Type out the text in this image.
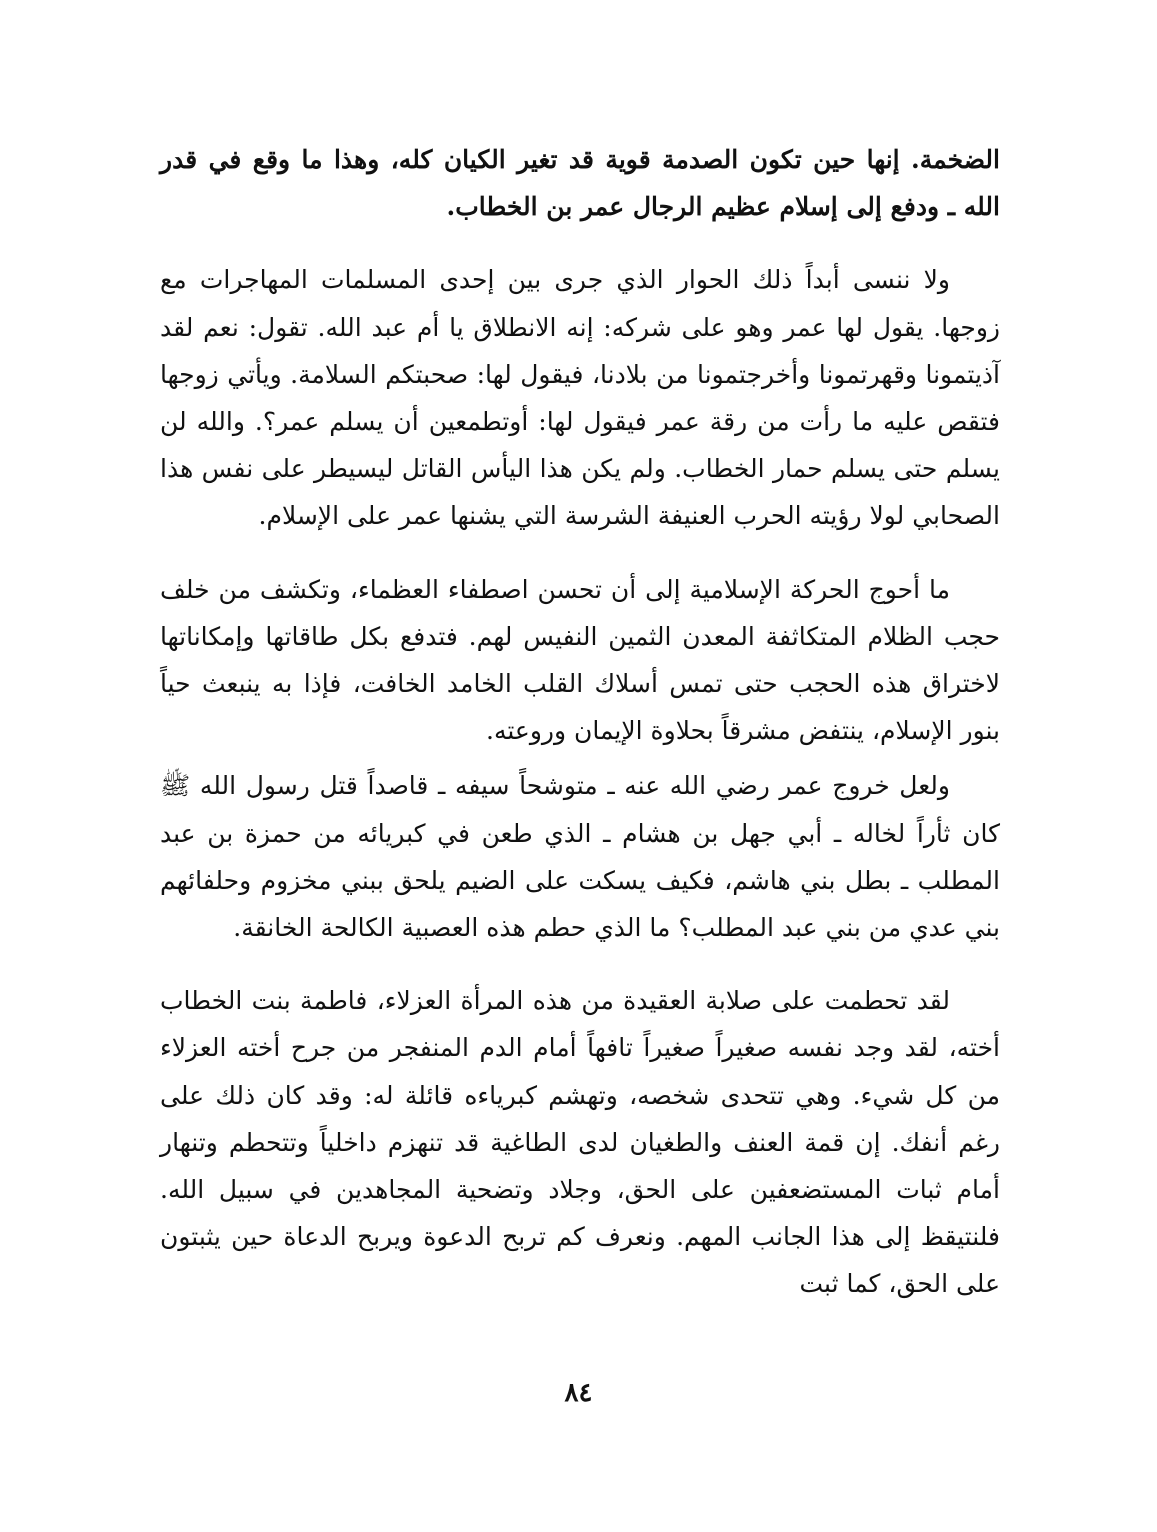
الضخمة. إنها حين تكون الصدمة قوية قد تغير الكيان كله، وهذا ما وقع في قدر الله ـ ودفع إلى إسلام عظيم الرجال عمر بن الخطاب.

ولا ننسى أبداً ذلك الحوار الذي جرى بين إحدى المسلمات المهاجرات مع زوجها. يقول لها عمر وهو على شركه: إنه الانطلاق يا أم عبد الله. تقول: نعم لقد آذيتمونا وقهرتمونا وأخرجتمونا من بلادنا، فيقول لها: صحبتكم السلامة. ويأتي زوجها فتقص عليه ما رأت من رقة عمر فيقول لها: أوتطمعين أن يسلم عمر؟. والله لن يسلم حتى يسلم حمار الخطاب. ولم يكن هذا اليأس القاتل ليسيطر على نفس هذا الصحابي لولا رؤيته الحرب العنيفة الشرسة التي يشنها عمر على الإسلام.

ما أحوج الحركة الإسلامية إلى أن تحسن اصطفاء العظماء، وتكشف من خلف حجب الظلام المتكاثفة المعدن الثمين النفيس لهم. فتدفع بكل طاقاتها وإمكاناتها لاختراق هذه الحجب حتى تمس أسلاك القلب الخامد الخافت، فإذا به ينبعث حياً بنور الإسلام، ينتفض مشرقاً بحلاوة الإيمان وروعته.

ولعل خروج عمر رضي الله عنه ـ متوشحاً سيفه ـ قاصداً قتل رسول الله ﷺ كان ثأراً لخاله ـ أبي جهل بن هشام ـ الذي طعن في كبريائه من حمزة بن عبد المطلب ـ بطل بني هاشم، فكيف يسكت على الضيم يلحق ببني مخزوم وحلفائهم بني عدي من بني عبد المطلب؟ ما الذي حطم هذه العصبية الكالحة الخانقة.

لقد تحطمت على صلابة العقيدة من هذه المرأة العزلاء، فاطمة بنت الخطاب أخته، لقد وجد نفسه صغيراً صغيراً تافهاً أمام الدم المنفجر من جرح أخته العزلاء من كل شيء. وهي تتحدى شخصه، وتهشم كبرياءه قائلة له: وقد كان ذلك على رغم أنفك. إن قمة العنف والطغيان لدى الطاغية قد تنهزم داخلياً وتتحطم وتنهار أمام ثبات المستضعفين على الحق، وجلاد وتضحية المجاهدين في سبيل الله. فلنتيقظ إلى هذا الجانب المهم. ونعرف كم تربح الدعوة ويربح الدعاة حين يثبتون على الحق، كما ثبت

٨٤
